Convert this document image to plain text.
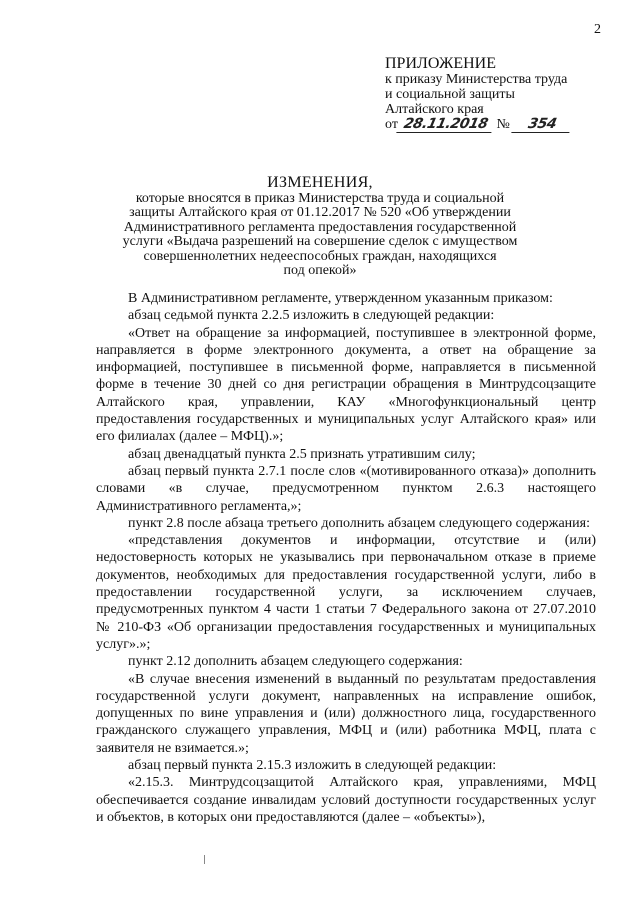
2
ПРИЛОЖЕНИЕ
к приказу Министерства труда
и социальной защиты
Алтайского края
от 28.11.2018 № 354
ИЗМЕНЕНИЯ,
которые вносятся в приказ Министерства труда и социальной
защиты Алтайского края от 01.12.2017 № 520 «Об утверждении
Административного регламента предоставления государственной
услуги «Выдача разрешений на совершение сделок с имуществом
совершеннолетних недееспособных граждан, находящихся
под опекой»

В Административном регламенте, утвержденном указанным приказом:

абзац седьмой пункта 2.2.5 изложить в следующей редакции:

«Ответ на обращение за информацией, поступившее в электронной форме, направляется в форме электронного документа, а ответ на обращение за информацией, поступившее в письменной форме, направляется в письменной форме в течение 30 дней со дня регистрации обращения в Минтрудсоцзащите Алтайского края, управлении, КАУ «Многофункциональный центр предоставления государственных и муниципальных услуг Алтайского края» или его филиалах (далее – МФЦ).»;

абзац двенадцатый пункта 2.5 признать утратившим силу;

абзац первый пункта 2.7.1 после слов «(мотивированного отказа)» дополнить словами «в случае, предусмотренном пунктом 2.6.3 настоящего Административного регламента,»;

пункт 2.8 после абзаца третьего дополнить абзацем следующего содержания:

«представления документов и информации, отсутствие и (или) недостоверность которых не указывались при первоначальном отказе в приеме документов, необходимых для предоставления государственной услуги, либо в предоставлении государственной услуги, за исключением случаев, предусмотренных пунктом 4 части 1 статьи 7 Федерального закона от 27.07.2010 № 210-ФЗ «Об организации предоставления государственных и муниципальных услуг».»;

пункт 2.12 дополнить абзацем следующего содержания:

«В случае внесения изменений в выданный по результатам предоставления государственной услуги документ, направленных на исправление ошибок, допущенных по вине управления и (или) должностного лица, государственного гражданского служащего управления, МФЦ и (или) работника МФЦ, плата с заявителя не взимается.»;

абзац первый пункта 2.15.3 изложить в следующей редакции:

«2.15.3. Минтрудсоцзащитой Алтайского края, управлениями, МФЦ обеспечивается создание инвалидам условий доступности государственных услуг и объектов, в которых они предоставляются (далее – «объекты»),
